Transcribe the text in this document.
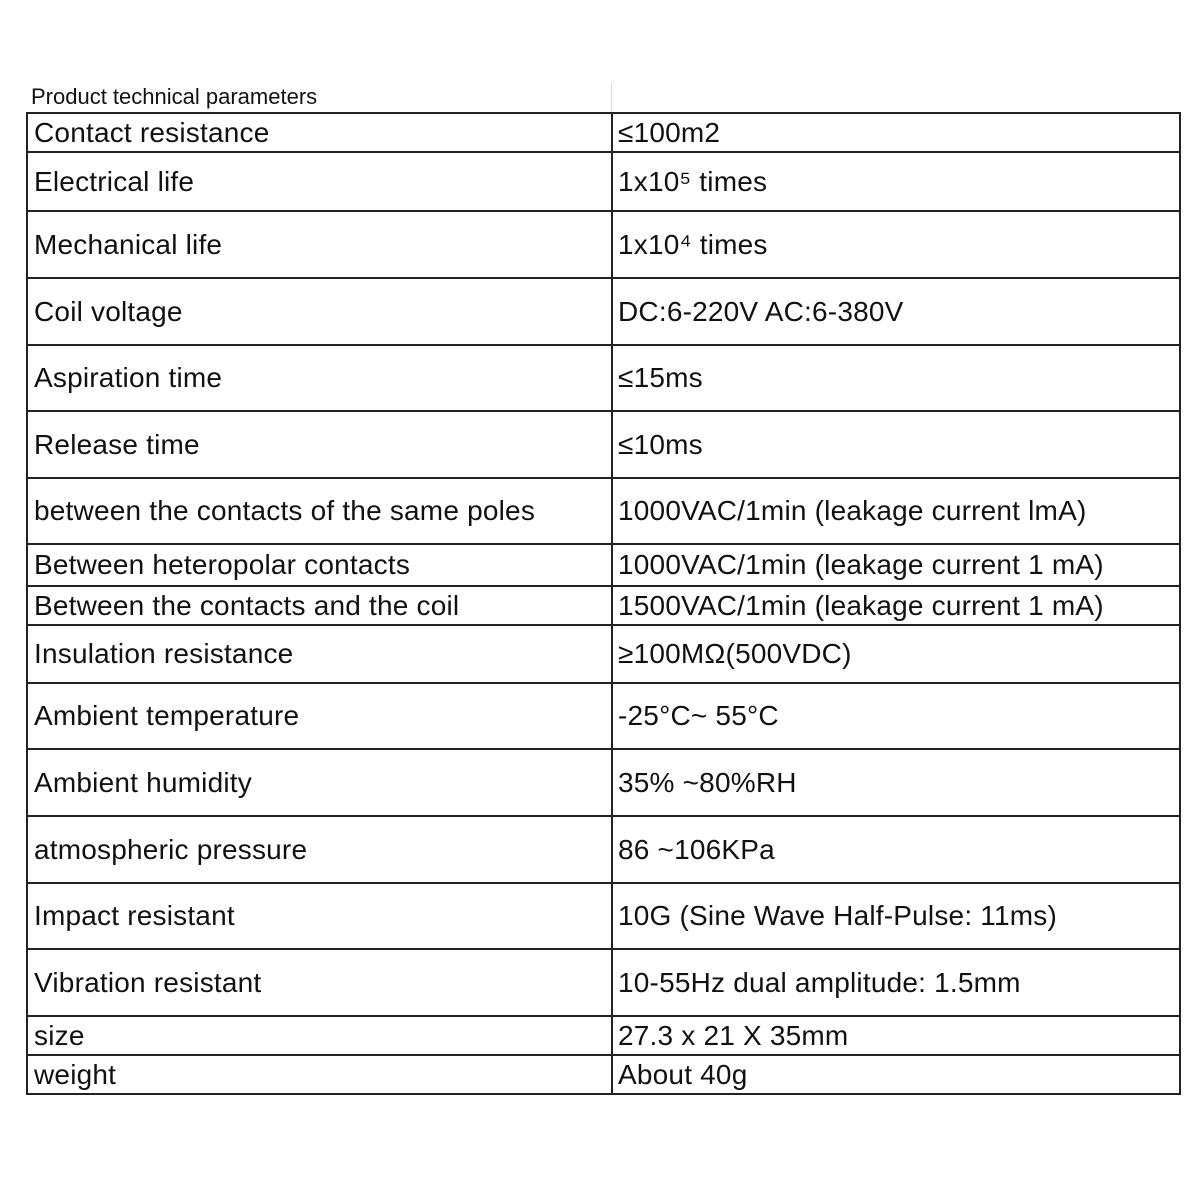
Product technical parameters
Contact resistance	≤100m2
Electrical life	1x10⁵ times
Mechanical life	1x10⁴ times
Coil voltage	DC:6-220V AC:6-380V
Aspiration time	≤15ms
Release time	≤10ms
between the contacts of the same poles	1000VAC/1min (leakage current lmA)
Between heteropolar contacts	1000VAC/1min (leakage current 1 mA)
Between the contacts and the coil	1500VAC/1min (leakage current 1 mA)
Insulation resistance	≥100MΩ(500VDC)
Ambient temperature	-25°C~ 55°C
Ambient humidity	35% ~80%RH
atmospheric pressure	86 ~106KPa
Impact resistant	10G (Sine Wave Half-Pulse: 11ms)
Vibration resistant	10-55Hz dual amplitude: 1.5mm
size	27.3 x 21 X 35mm
weight	About 40g
